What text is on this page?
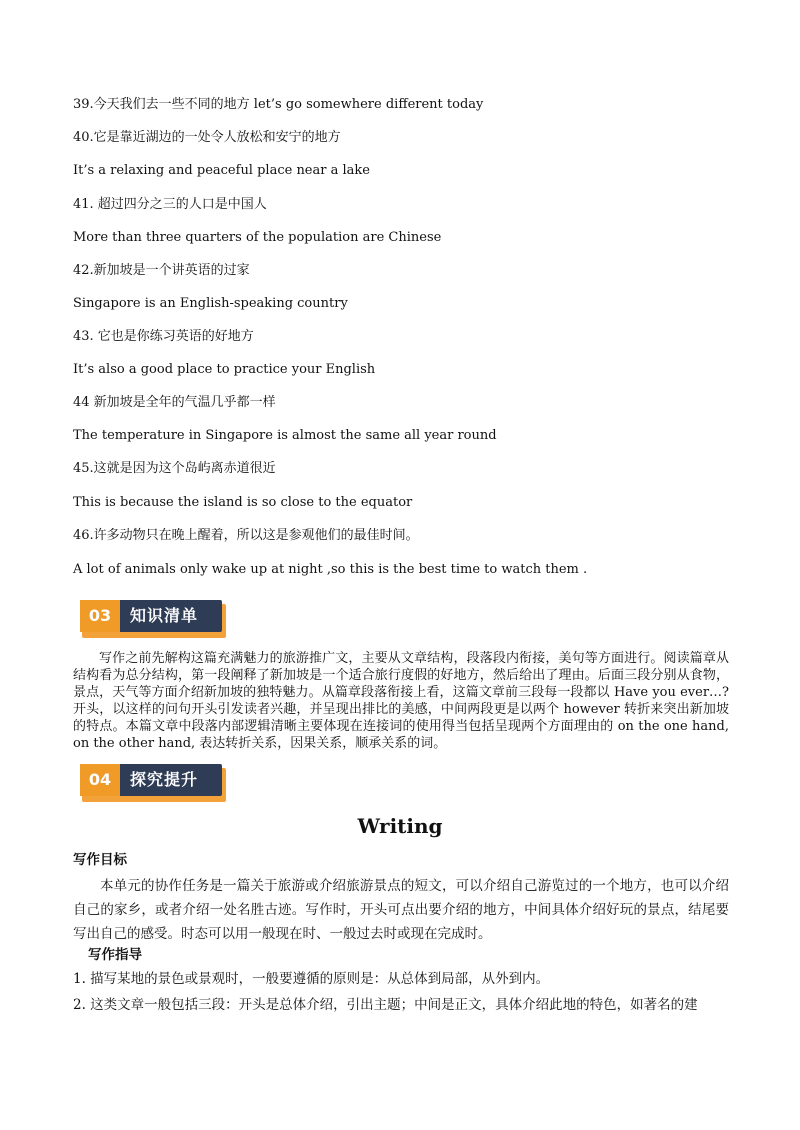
39.今天我们去一些不同的地方 let’s go somewhere different today
40.它是靠近湖边的一处令人放松和安宁的地方
It’s a relaxing and peaceful place near a lake
41. 超过四分之三的人口是中国人
More than three quarters of the population are Chinese
42.新加坡是一个讲英语的过家
Singapore is an English-speaking country
43. 它也是你练习英语的好地方
It’s also a good place to practice your English
44 新加坡是全年的气温几乎都一样
The temperature in Singapore is almost the same all year round
45.这就是因为这个岛屿离赤道很近
This is because the island is so close to the equator
46.许多动物只在晚上醒着，所以这是参观他们的最佳时间。
A lot of animals only wake up at night ,so this is the best time to watch them .
03	知识清单
写作之前先解构这篇充满魅力的旅游推广文，主要从文章结构，段落段内衔接，美句等方面进行。阅读篇章从结构看为总分结构，第一段阐释了新加坡是一个适合旅行度假的好地方，然后给出了理由。后面三段分别从食物，景点，天气等方面介绍新加坡的独特魅力。从篇章段落衔接上看，这篇文章前三段每一段都以 Have you ever…?开头，以这样的问句开头引发读者兴趣，并呈现出排比的美感，中间两段更是以两个 however 转折来突出新加坡的特点。本篇文章中段落内部逻辑清晰主要体现在连接词的使用得当包括呈现两个方面理由的 on the one hand, on the other hand, 表达转折关系，因果关系，顺承关系的词。
04	探究提升
Writing
写作目标
本单元的协作任务是一篇关于旅游或介绍旅游景点的短文，可以介绍自己游览过的一个地方，也可以介绍自己的家乡，或者介绍一处名胜古迹。写作时，开头可点出要介绍的地方，中间具体介绍好玩的景点，结尾要写出自己的感受。时态可以用一般现在时、一般过去时或现在完成时。
写作指导
1. 描写某地的景色或景观时，一般要遵循的原则是：从总体到局部，从外到内。
2. 这类文章一般包括三段：开头是总体介绍，引出主题；中间是正文，具体介绍此地的特色，如著名的建
